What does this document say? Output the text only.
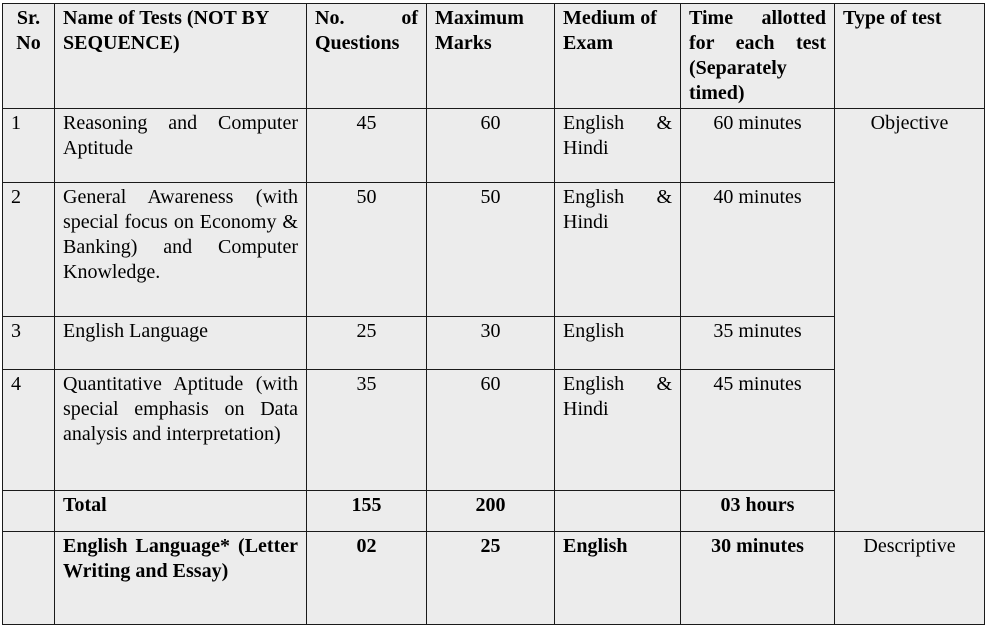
Sr. No	Name of Tests (NOT BY SEQUENCE)	No. of Questions	Maximum Marks	Medium of Exam	Time allotted for each test (Separately timed)	Type of test
1	Reasoning and Computer Aptitude	45	60	English & Hindi	60 minutes	Objective
2	General Awareness (with special focus on Economy & Banking) and Computer Knowledge.	50	50	English & Hindi	40 minutes	
3	English Language	25	30	English	35 minutes	
4	Quantitative Aptitude (with special emphasis on Data analysis and interpretation)	35	60	English & Hindi	45 minutes	
	Total	155	200		03 hours	
	English Language* (Letter Writing and Essay)	02	25	English	30 minutes	Descriptive
